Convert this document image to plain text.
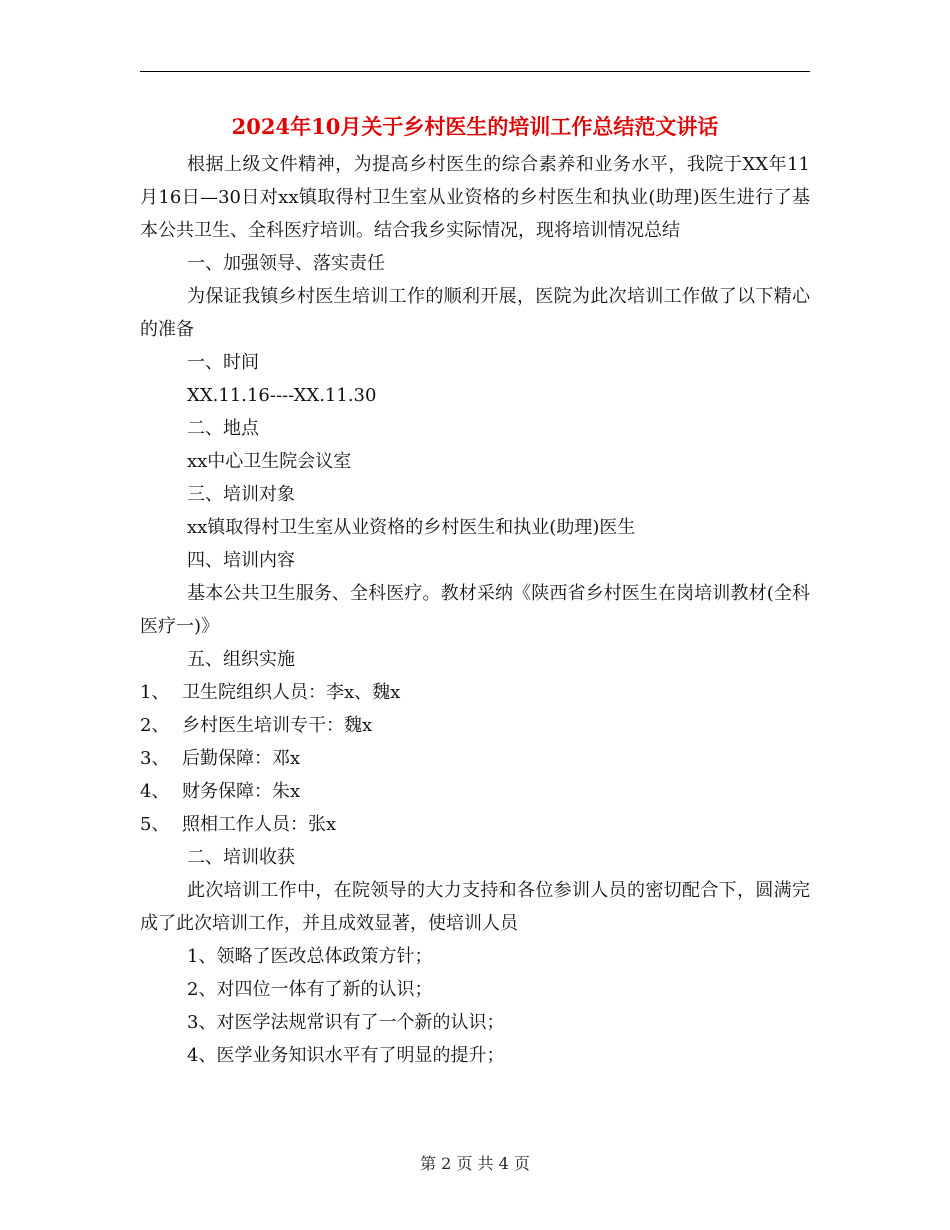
2024年10月关于乡村医生的培训工作总结范文讲话

根据上级文件精神，为提高乡村医生的综合素养和业务水平，我院于XX年11月16日—30日对xx镇取得村卫生室从业资格的乡村医生和执业(助理)医生进行了基本公共卫生、全科医疗培训。结合我乡实际情况，现将培训情况总结

一、加强领导、落实责任

为保证我镇乡村医生培训工作的顺利开展，医院为此次培训工作做了以下精心的准备

一、时间

XX.11.16----XX.11.30

二、地点

xx中心卫生院会议室

三、培训对象

xx镇取得村卫生室从业资格的乡村医生和执业(助理)医生

四、培训内容

基本公共卫生服务、全科医疗。教材采纳《陕西省乡村医生在岗培训教材(全科医疗一)》

五、组织实施

1、 卫生院组织人员：李x、魏x

2、 乡村医生培训专干：魏x

3、 后勤保障：邓x

4、 财务保障：朱x

5、 照相工作人员：张x

二、培训收获

此次培训工作中，在院领导的大力支持和各位参训人员的密切配合下，圆满完成了此次培训工作，并且成效显著，使培训人员

1、领略了医改总体政策方针；

2、对四位一体有了新的认识；

3、对医学法规常识有了一个新的认识；

4、医学业务知识水平有了明显的提升；

第 2 页 共 4 页
